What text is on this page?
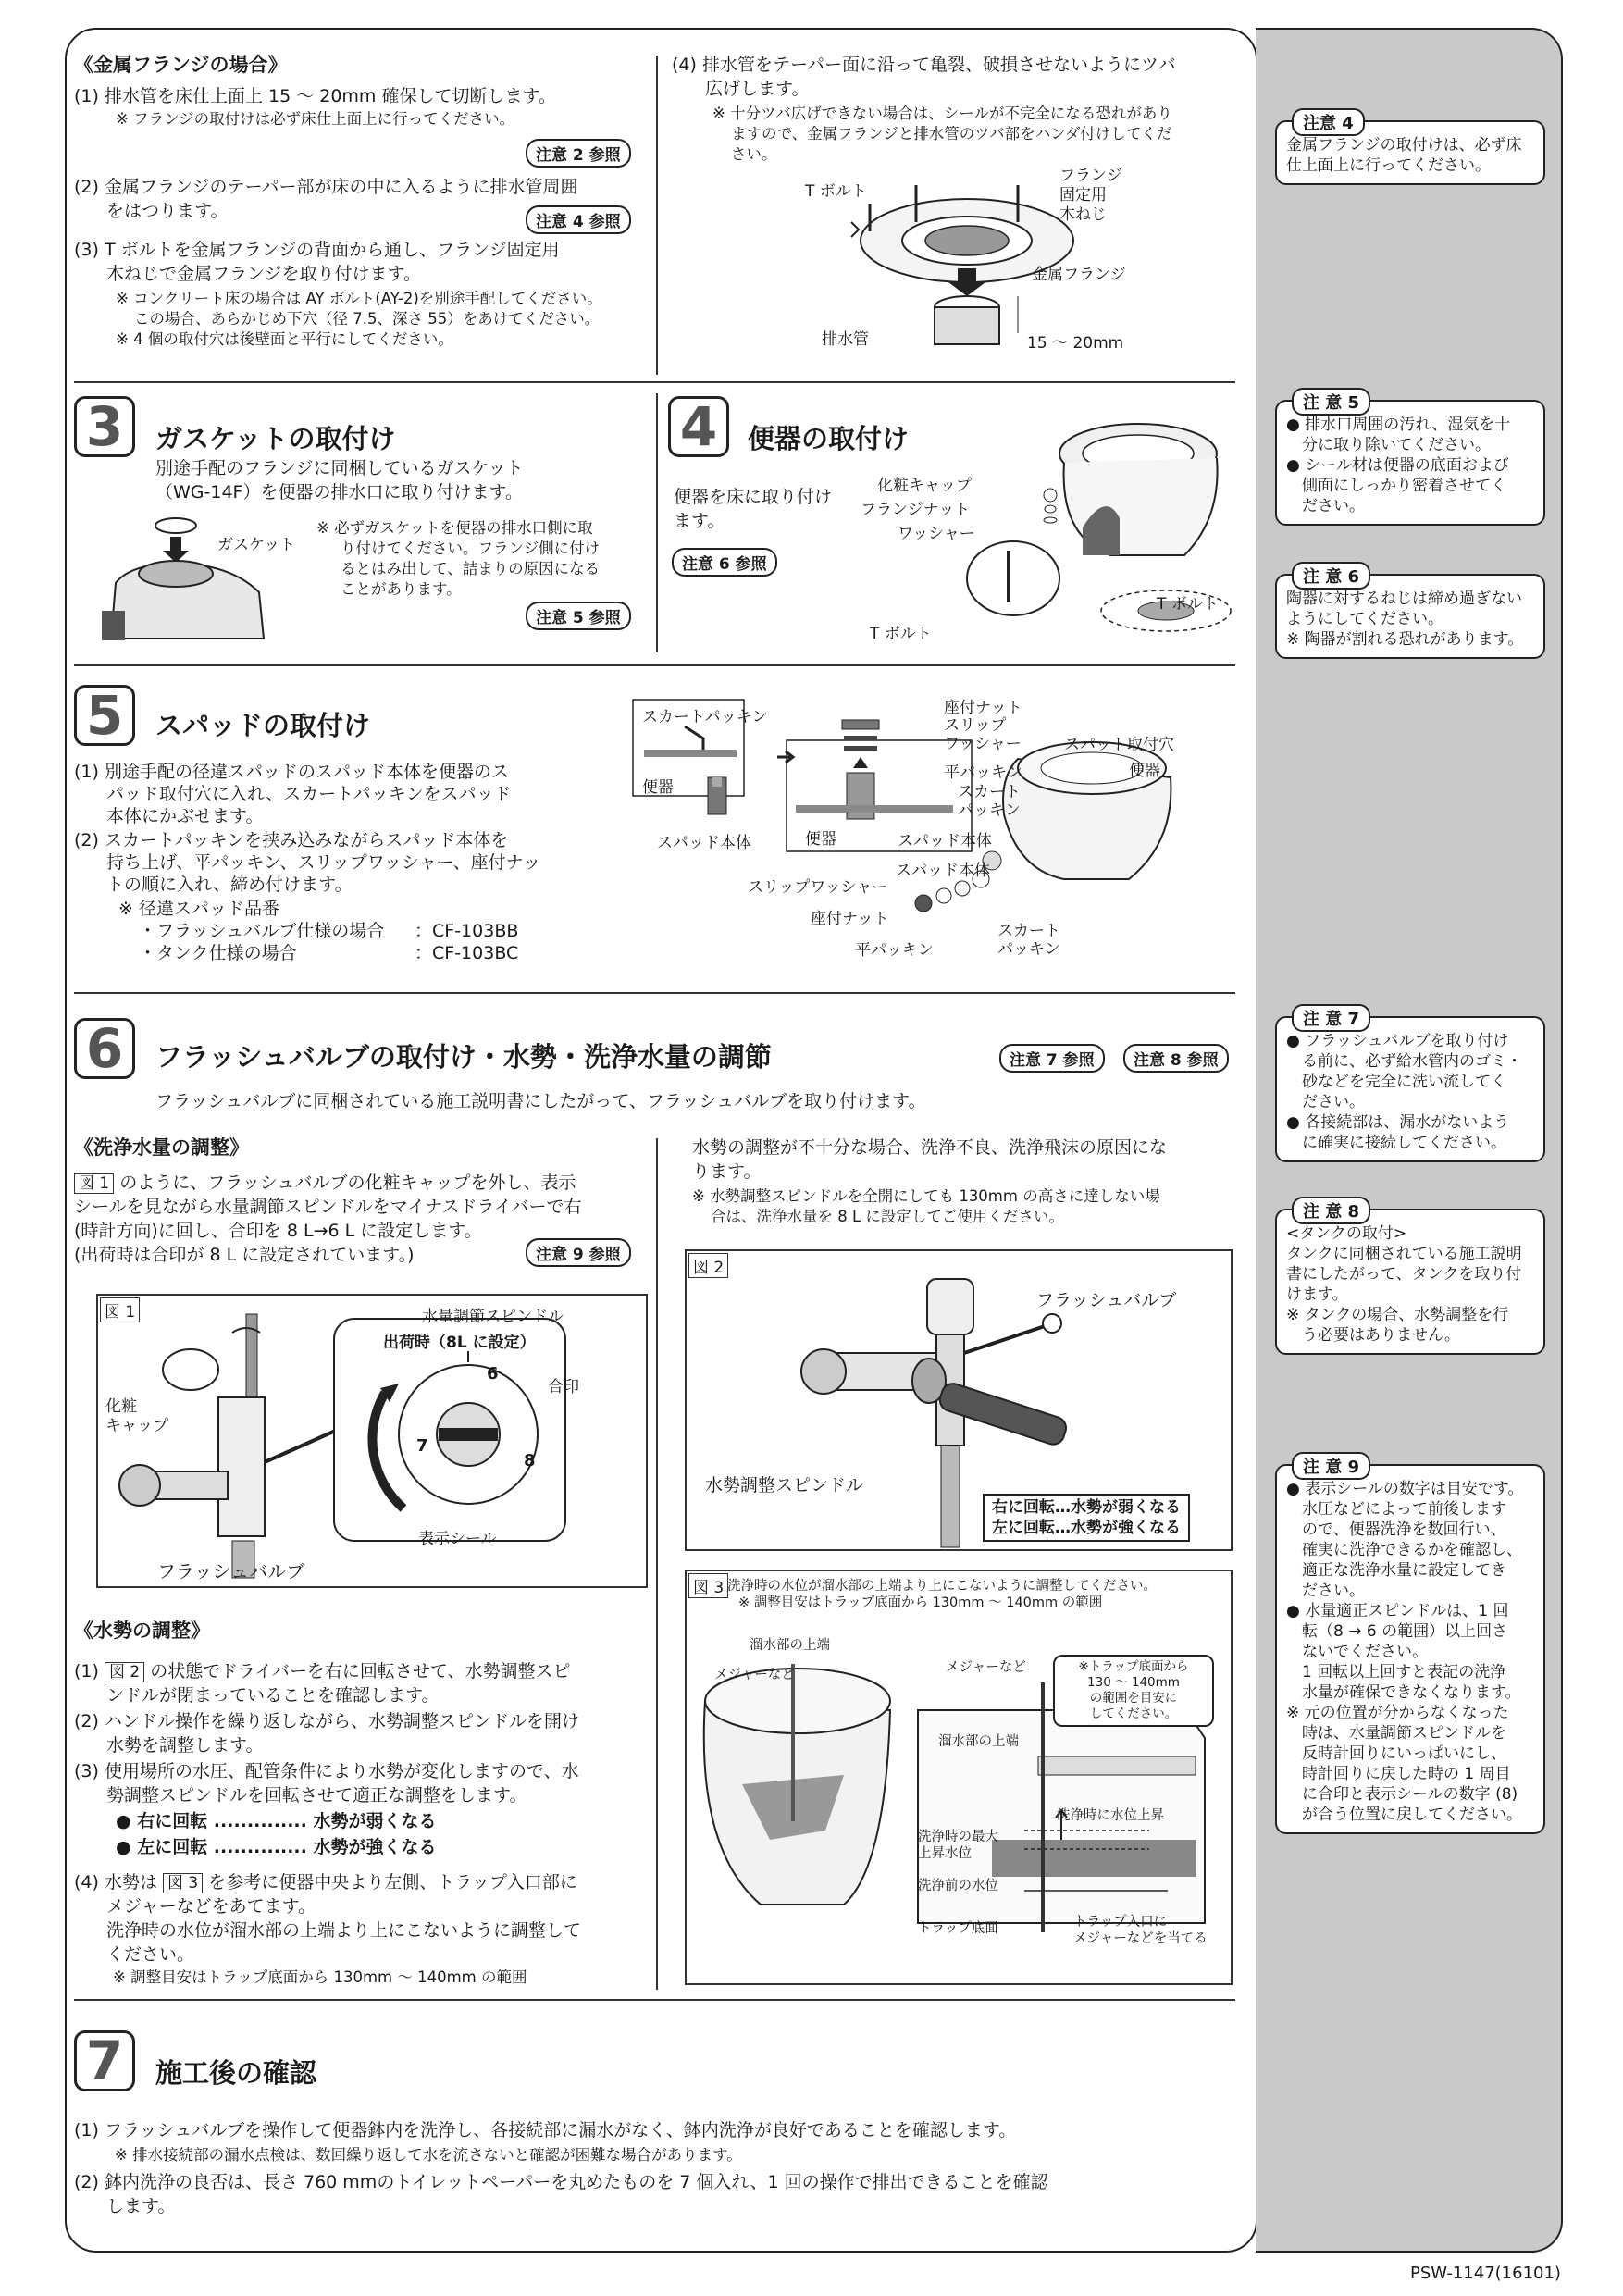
《金属フランジの場合》
(1) 排水管を床仕上面上 15 ～ 20mm 確保して切断します。
※ フランジの取付けは必ず床仕上面上に行ってください。
注意 2 参照
(2) 金属フランジのテーパー部が床の中に入るように排水管周囲
をはつります。
注意 4 参照
(3) T ボルトを金属フランジの背面から通し、フランジ固定用
木ねじで金属フランジを取り付けます。
※ コンクリート床の場合は AY ボルト(AY-2)を別途手配してください。
この場合、あらかじめ下穴（径 7.5、深さ 55）をあけてください。
※ 4 個の取付穴は後壁面と平行にしてください。
(4) 排水管をテーパー面に沿って亀裂、破損させないようにツバ
広げします。
※ 十分ツバ広げできない場合は、シールが不完全になる恐れがあり
ますので、金属フランジと排水管のツバ部をハンダ付けしてくだ
さい。
T ボルト
フランジ
固定用
木ねじ
金属フランジ
排水管	15 ～ 20mm
3	ガスケットの取付け
別途手配のフランジに同梱しているガスケット
（WG-14F）を便器の排水口に取り付けます。
ガスケット
※ 必ずガスケットを便器の排水口側に取
り付けてください。フランジ側に付け
るとはみ出して、詰まりの原因になる
ことがあります。
注意 5 参照
4	便器の取付け
便器を床に取り付け
ます。
注意 6 参照
化粧キャップ
フランジナット
ワッシャー
T ボルト
T ボルト
5	スパッドの取付け
(1) 別途手配の径違スパッドのスパッド本体を便器のス
パッド取付穴に入れ、スカートパッキンをスパッド
本体にかぶせます。
(2) スカートパッキンを挟み込みながらスパッド本体を
持ち上げ、平パッキン、スリップワッシャー、座付ナッ
トの順に入れ、締め付けます。
※ 径違スパッド品番
・フラッシュバルブ仕様の場合 ：CF-103BB
・タンク仕様の場合	：CF-103BC
スカートパッキン
便器
スパッド本体
座付ナット
スリップ
ワッシャー
平パッキン
スカート
パッキン
便器	スパッド本体
スパット取付穴
便器
スパッド本体
スリップワッシャー
座付ナット
平パッキン
スカート
パッキン
6	フラッシュバルブの取付け・水勢・洗浄水量の調節	注意 7 参照	注意 8 参照
フラッシュバルブに同梱されている施工説明書にしたがって、フラッシュバルブを取り付けます。
《洗浄水量の調整》
図 1 のように、フラッシュバルブの化粧キャップを外し、表示
シールを見ながら水量調節スピンドルをマイナスドライバーで右
(時計方向)に回し、合印を 8 L→6 L に設定します。
(出荷時は合印が 8 L に設定されています。)	注意 9 参照
図 1	水量調節スピンドル
出荷時（8L に設定）
合印
化粧
キャップ
フラッシュバルブ
表示シール
6
7
8
《水勢の調整》
(1) 図 2 の状態でドライバーを右に回転させて、水勢調整スピ
ンドルが閉まっていることを確認します。
(2) ハンドル操作を繰り返しながら、水勢調整スピンドルを開け
水勢を調整します。
(3) 使用場所の水圧、配管条件により水勢が変化しますので、水
勢調整スピンドルを回転させて適正な調整をします。
● 右に回転 .............. 水勢が弱くなる
● 左に回転 .............. 水勢が強くなる
(4) 水勢は 図 3 を参考に便器中央より左側、トラップ入口部に
メジャーなどをあてます。
洗浄時の水位が溜水部の上端より上にこないように調整して
ください。
※ 調整目安はトラップ底面から 130mm ～ 140mm の範囲
水勢の調整が不十分な場合、洗浄不良、洗浄飛沫の原因にな
ります。
※ 水勢調整スピンドルを全開にしても 130mm の高さに達しない場
合は、洗浄水量を 8 L に設定してご使用ください。
図 2
フラッシュバルブ
水勢調整スピンドル
右に回転…水勢が弱くなる
左に回転…水勢が強くなる
図 3 洗浄時の水位が溜水部の上端より上にこないように調整してください。
※ 調整目安はトラップ底面から 130mm ～ 140mm の範囲
溜水部の上端
メジャーなど	メジャーなど	※トラップ底面から
130 ～ 140mm
の範囲を目安に
してください。
溜水部の上端
洗浄時に水位上昇
洗浄時の最大
上昇水位
洗浄前の水位
トラップ底面	トラップ入口に
メジャーなどを当てる
7	施工後の確認
(1) フラッシュバルブを操作して便器鉢内を洗浄し、各接続部に漏水がなく、鉢内洗浄が良好であることを確認します。
※ 排水接続部の漏水点検は、数回繰り返して水を流さないと確認が困難な場合があります。
(2) 鉢内洗浄の良否は、長さ 760 mmのトイレットペーパーを丸めたものを 7 個入れ、1 回の操作で排出できることを確認
します。
注意 4
金属フランジの取付けは、必ず床
仕上面上に行ってください。
注 意 5
● 排水口周囲の汚れ、湿気を十
　分に取り除いてください。
● シール材は便器の底面および
　側面にしっかり密着させてく
　ださい。
注 意 6
陶器に対するねじは締め過ぎない
ようにしてください。
※ 陶器が割れる恐れがあります。
注 意 7
● フラッシュバルブを取り付け
　る前に、必ず給水管内のゴミ・
　砂などを完全に洗い流してく
　ださい。
● 各接続部は、漏水がないよう
　に確実に接続してください。
注 意 8
<タンクの取付>
タンクに同梱されている施工説明
書にしたがって、タンクを取り付
けます。
※ タンクの場合、水勢調整を行
　う必要はありません。
注 意 9
● 表示シールの数字は目安です。
　水圧などによって前後します
　ので、便器洗浄を数回行い、
　確実に洗浄できるかを確認し、
　適正な洗浄水量に設定してき
　ださい。
● 水量適正スピンドルは、1 回
　転（8 → 6 の範囲）以上回さ
　ないでください。
　1 回転以上回すと表記の洗浄
　水量が確保できなくなります。
※ 元の位置が分からなくなった
　時は、水量調節スピンドルを
　反時計回りにいっぱいにし、
　時計回りに戻した時の 1 周目
　に合印と表示シールの数字 (8)
　が合う位置に戻してください。
PSW-1147(16101)
